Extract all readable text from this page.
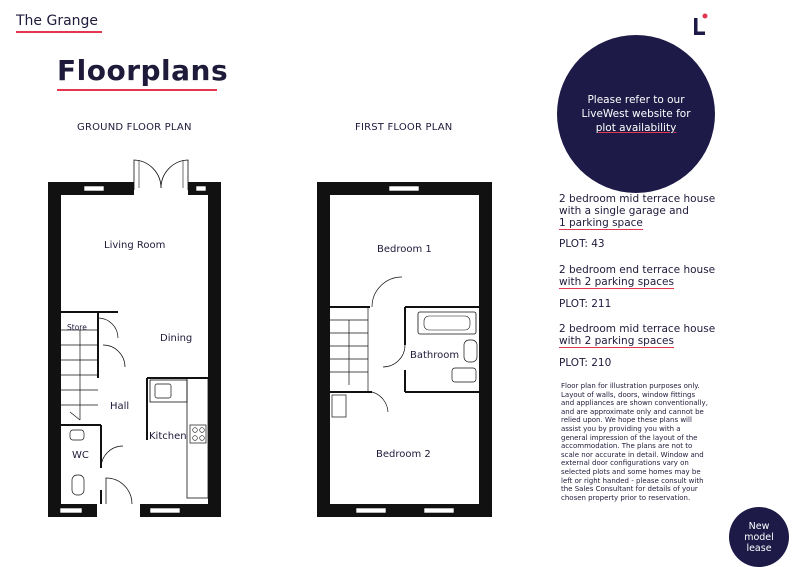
The Grange
Floorplans
GROUND FLOOR PLAN	FIRST FLOOR PLAN
Living Room
Dining
Store
Hall
Kitchen
WC
Bedroom 1
Bathroom
Bedroom 2
Please refer to our
LiveWest website for
plot availability
2 bedroom mid terrace house
with a single garage and
1 parking space
PLOT: 43
2 bedroom end terrace house
with 2 parking spaces
PLOT: 211
2 bedroom mid terrace house
with 2 parking spaces
PLOT: 210
Floor plan for illustration purposes only. Layout of walls, doors, window fittings and appliances are shown conventionally, and are approximate only and cannot be relied upon. We hope these plans will assist you by providing you with a general impression of the layout of the accommodation. The plans are not to scale nor accurate in detail. Window and external door configurations vary on selected plots and some homes may be left or right handed - please consult with the Sales Consultant for details of your chosen property prior to reservation.
New
model
lease
